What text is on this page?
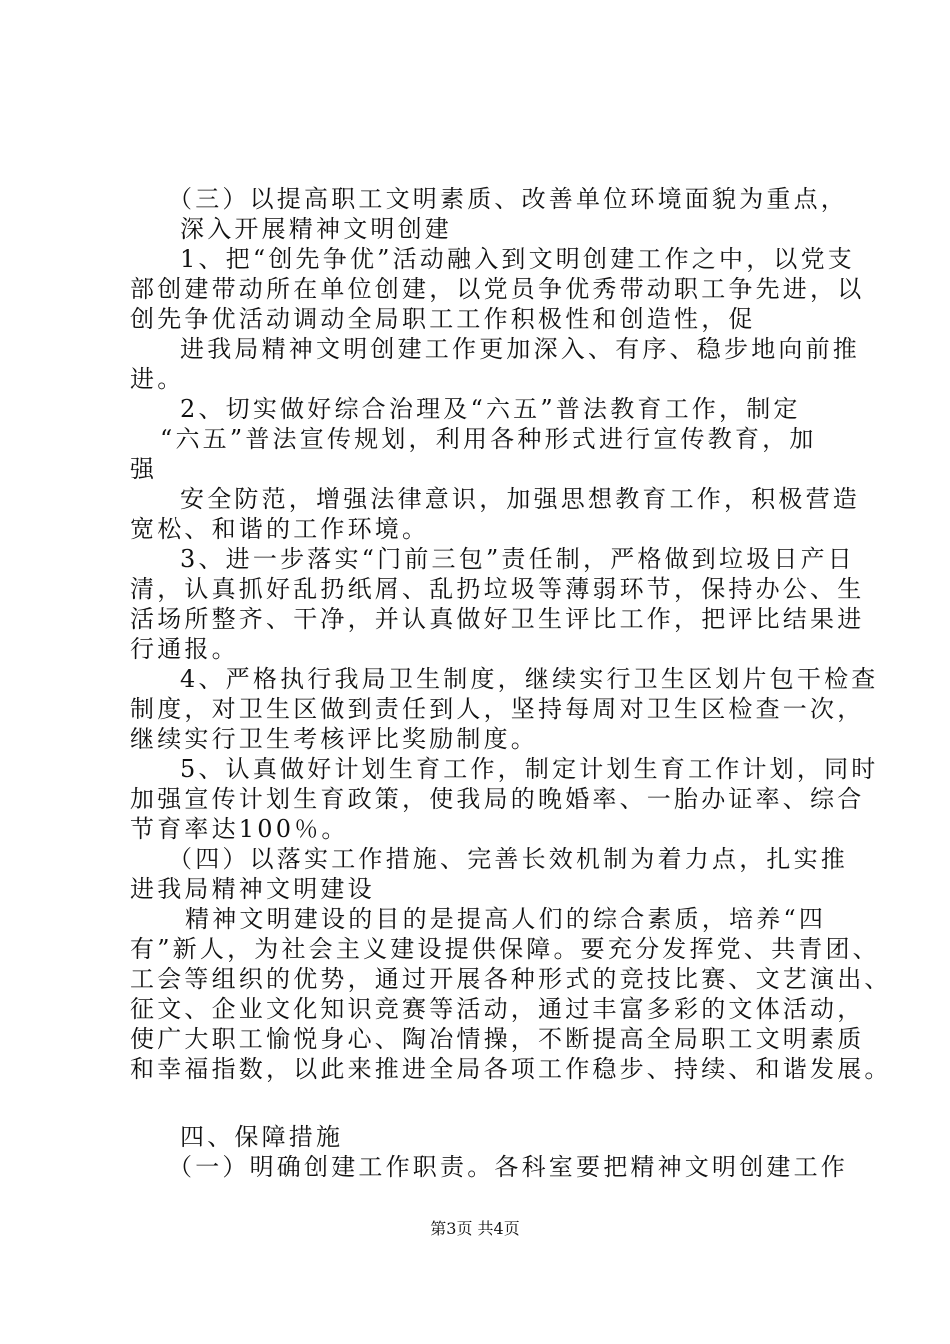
（三）以提高职工文明素质、改善单位环境面貌为重点，
深入开展精神文明创建
1、把“创先争优”活动融入到文明创建工作之中，以党支
部创建带动所在单位创建，以党员争优秀带动职工争先进，以
创先争优活动调动全局职工工作积极性和创造性，促
进我局精神文明创建工作更加深入、有序、稳步地向前推
进。
2、切实做好综合治理及“六五”普法教育工作，制定
“六五”普法宣传规划，利用各种形式进行宣传教育，加
强
安全防范，增强法律意识，加强思想教育工作，积极营造
宽松、和谐的工作环境。
3、进一步落实“门前三包”责任制，严格做到垃圾日产日
清，认真抓好乱扔纸屑、乱扔垃圾等薄弱环节，保持办公、生
活场所整齐、干净，并认真做好卫生评比工作，把评比结果进
行通报。
4、严格执行我局卫生制度，继续实行卫生区划片包干检查
制度，对卫生区做到责任到人，坚持每周对卫生区检查一次，
继续实行卫生考核评比奖励制度。
5、认真做好计划生育工作，制定计划生育工作计划，同时
加强宣传计划生育政策，使我局的晚婚率、一胎办证率、综合
节育率达100％。
（四）以落实工作措施、完善长效机制为着力点，扎实推
进我局精神文明建设
精神文明建设的目的是提高人们的综合素质，培养“四
有”新人，为社会主义建设提供保障。要充分发挥党、共青团、
工会等组织的优势，通过开展各种形式的竞技比赛、文艺演出、
征文、企业文化知识竞赛等活动，通过丰富多彩的文体活动，
使广大职工愉悦身心、陶冶情操，不断提高全局职工文明素质
和幸福指数，以此来推进全局各项工作稳步、持续、和谐发展。
四、保障措施
（一）明确创建工作职责。各科室要把精神文明创建工作
第3页 共4页
